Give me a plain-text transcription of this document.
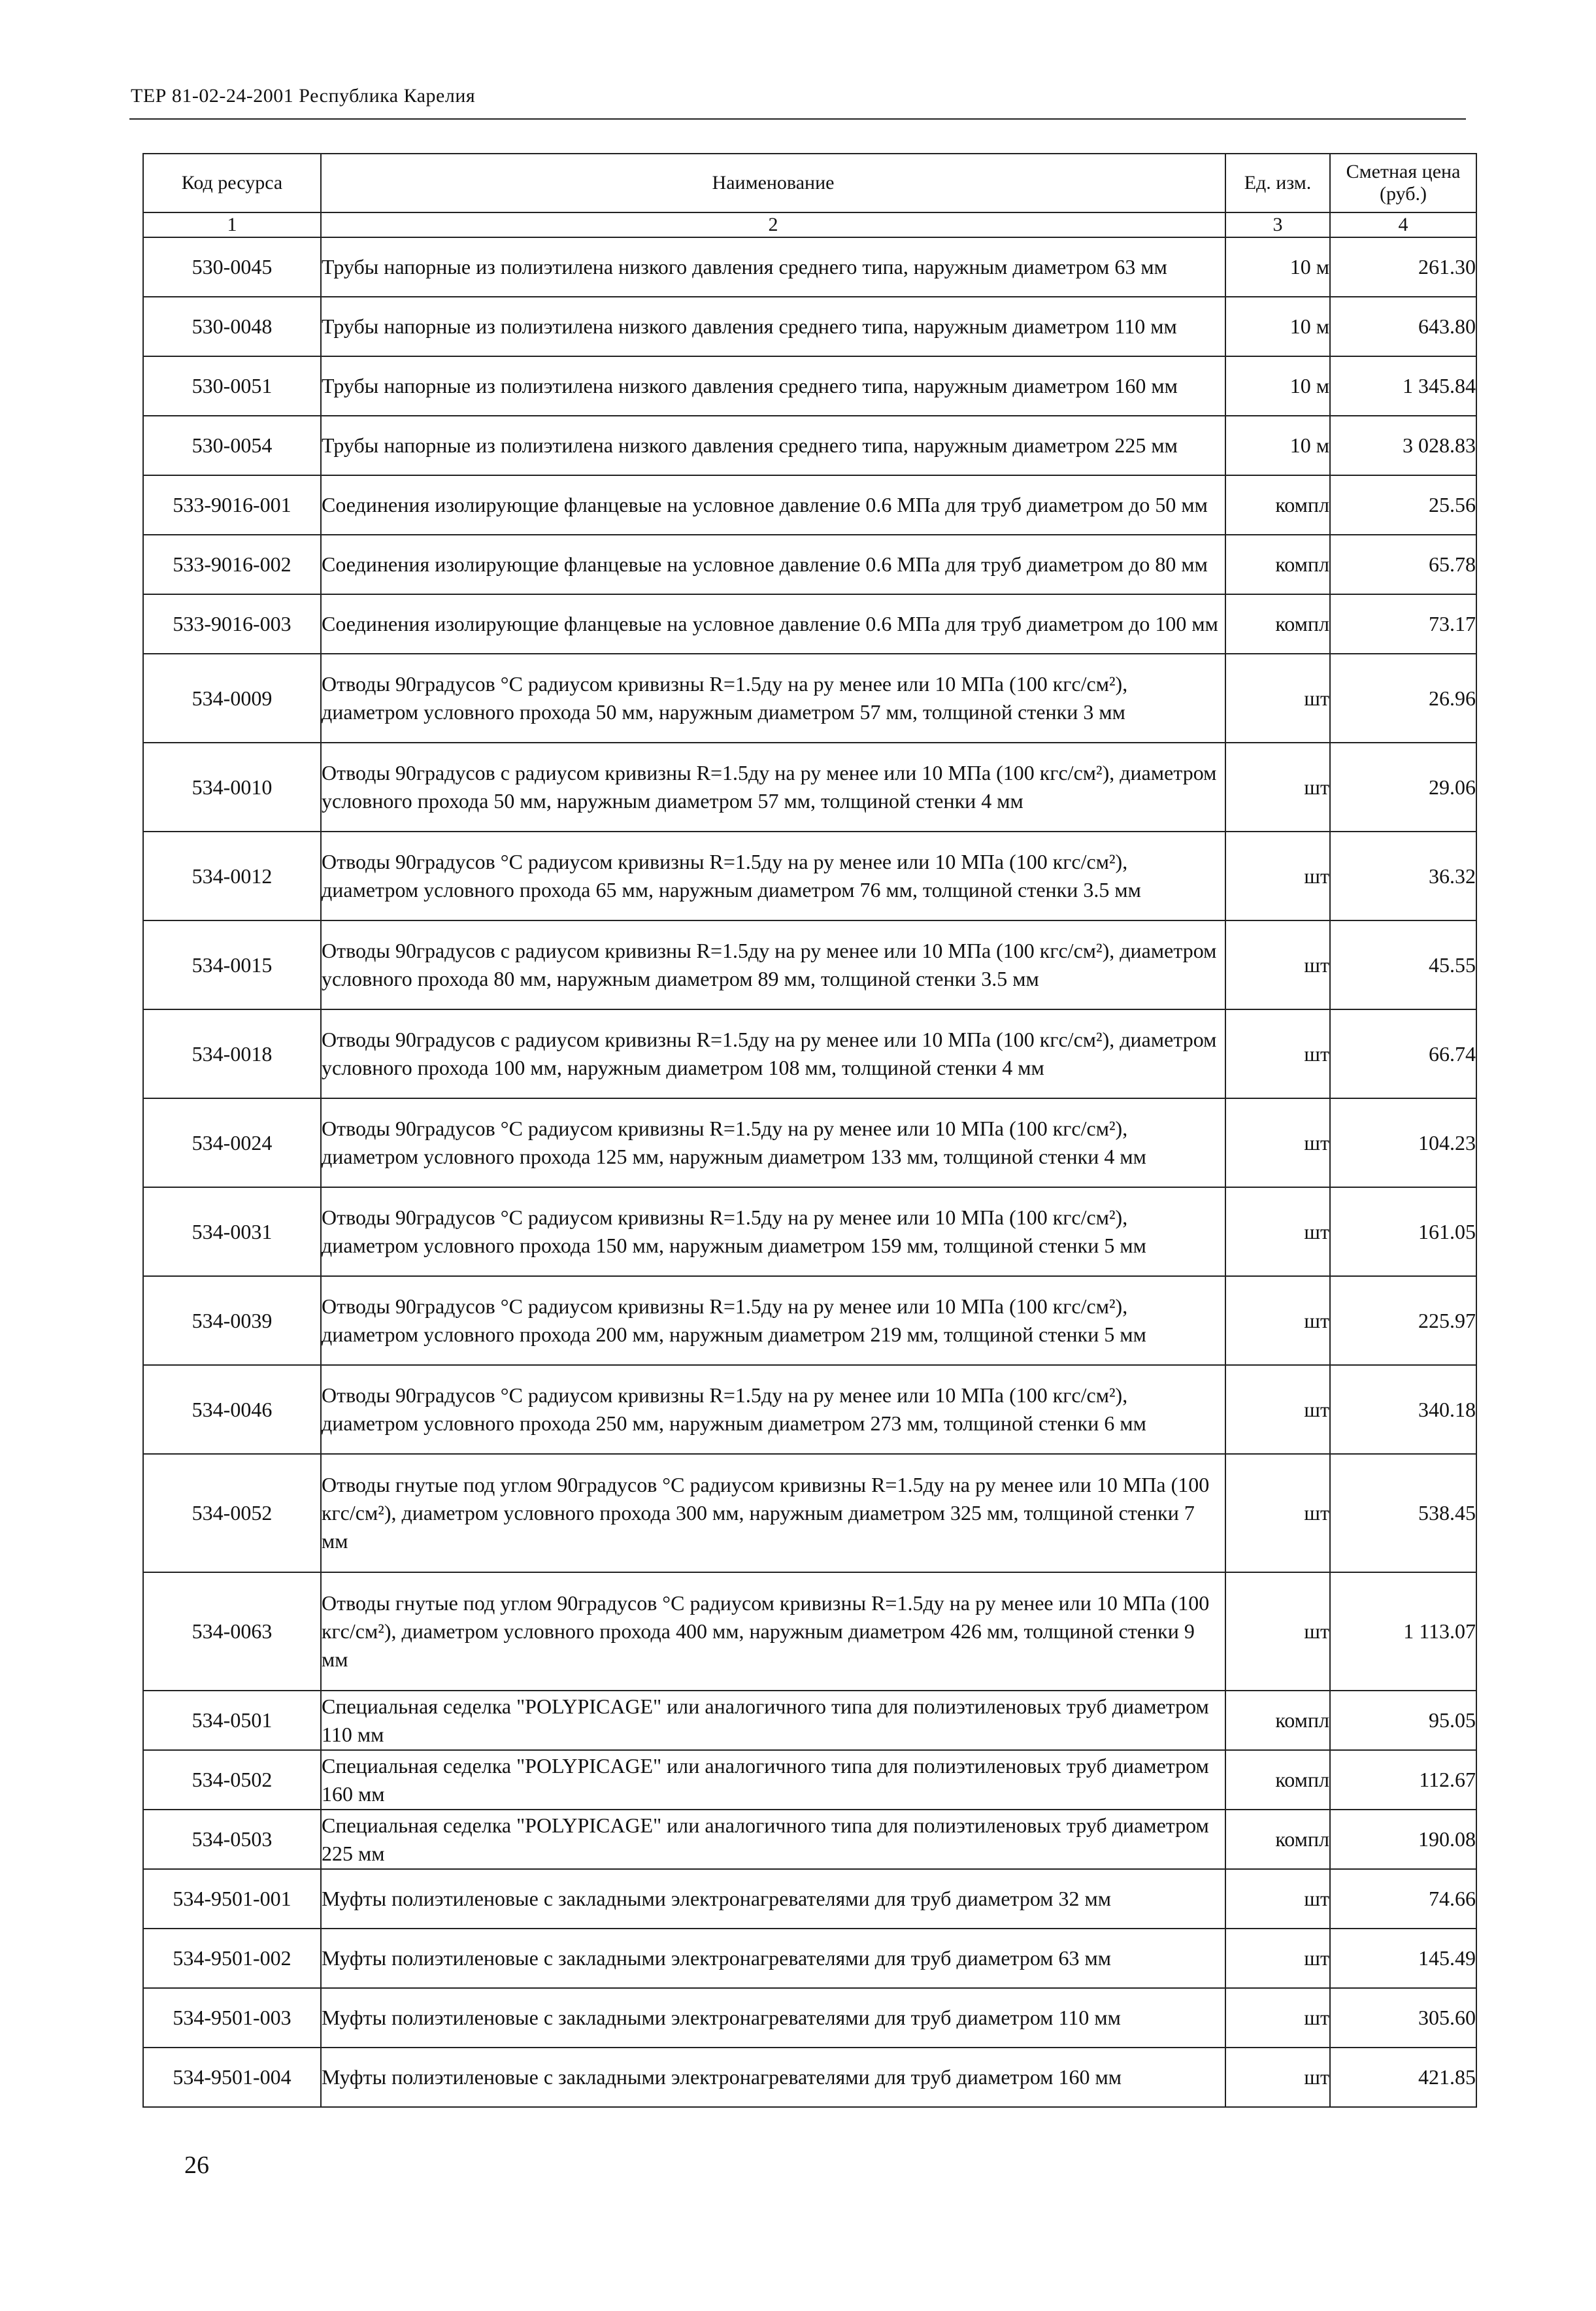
ТЕР 81-02-24-2001 Республика Карелия
Код ресурса	Наименование	Ед. изм.	Сметная цена (руб.)
1	2	3	4
530-0045	Трубы напорные из полиэтилена низкого давления среднего типа, наружным диаметром 63 мм	10 м	261.30
530-0048	Трубы напорные из полиэтилена низкого давления среднего типа, наружным диаметром 110 мм	10 м	643.80
530-0051	Трубы напорные из полиэтилена низкого давления среднего типа, наружным диаметром 160 мм	10 м	1 345.84
530-0054	Трубы напорные из полиэтилена низкого давления среднего типа, наружным диаметром 225 мм	10 м	3 028.83
533-9016-001	Соединения изолирующие фланцевые на условное давление 0.6 МПа для труб диаметром до 50 мм	компл	25.56
533-9016-002	Соединения изолирующие фланцевые на условное давление 0.6 МПа для труб диаметром до 80 мм	компл	65.78
533-9016-003	Соединения изолирующие фланцевые на условное давление 0.6 МПа для труб диаметром до 100 мм	компл	73.17
534-0009	Отводы 90градусов °С радиусом кривизны R=1.5ду на ру менее или 10 МПа (100 кгс/см²), диаметром условного прохода 50 мм, наружным диаметром 57 мм, толщиной стенки 3 мм	шт	26.96
534-0010	Отводы 90градусов с радиусом кривизны R=1.5ду на ру менее или 10 МПа (100 кгс/см²), диаметром условного прохода 50 мм, наружным диаметром 57 мм, толщиной стенки 4 мм	шт	29.06
534-0012	Отводы 90градусов °С радиусом кривизны R=1.5ду на ру менее или 10 МПа (100 кгс/см²), диаметром условного прохода 65 мм, наружным диаметром 76 мм, толщиной стенки 3.5 мм	шт	36.32
534-0015	Отводы 90градусов с радиусом кривизны R=1.5ду на ру менее или 10 МПа (100 кгс/см²), диаметром условного прохода 80 мм, наружным диаметром 89 мм, толщиной стенки 3.5 мм	шт	45.55
534-0018	Отводы 90градусов с радиусом кривизны R=1.5ду на ру менее или 10 МПа (100 кгс/см²), диаметром условного прохода 100 мм, наружным диаметром 108 мм, толщиной стенки 4 мм	шт	66.74
534-0024	Отводы 90градусов °С радиусом кривизны R=1.5ду на ру менее или 10 МПа (100 кгс/см²), диаметром условного прохода 125 мм, наружным диаметром 133 мм, толщиной стенки 4 мм	шт	104.23
534-0031	Отводы 90градусов °С радиусом кривизны R=1.5ду на ру менее или 10 МПа (100 кгс/см²), диаметром условного прохода 150 мм, наружным диаметром 159 мм, толщиной стенки 5 мм	шт	161.05
534-0039	Отводы 90градусов °С радиусом кривизны R=1.5ду на ру менее или 10 МПа (100 кгс/см²), диаметром условного прохода 200 мм, наружным диаметром 219 мм, толщиной стенки 5 мм	шт	225.97
534-0046	Отводы 90градусов °С радиусом кривизны R=1.5ду на ру менее или 10 МПа (100 кгс/см²), диаметром условного прохода 250 мм, наружным диаметром 273 мм, толщиной стенки 6 мм	шт	340.18
534-0052	Отводы гнутые под углом 90градусов °С радиусом кривизны R=1.5ду на ру менее или 10 МПа (100 кгс/см²), диаметром условного прохода 300 мм, наружным диаметром 325 мм, толщиной стенки 7 мм	шт	538.45
534-0063	Отводы гнутые под углом 90градусов °С радиусом кривизны R=1.5ду на ру менее или 10 МПа (100 кгс/см²), диаметром условного прохода 400 мм, наружным диаметром 426 мм, толщиной стенки 9 мм	шт	1 113.07
534-0501	Специальная седелка "POLYPICAGE" или аналогичного типа для полиэтиленовых труб диаметром 110 мм	компл	95.05
534-0502	Специальная седелка "POLYPICAGE" или аналогичного типа для полиэтиленовых труб диаметром 160 мм	компл	112.67
534-0503	Специальная седелка "POLYPICAGE" или аналогичного типа для полиэтиленовых труб диаметром 225 мм	компл	190.08
534-9501-001	Муфты полиэтиленовые с закладными электронагревателями для труб диаметром 32 мм	шт	74.66
534-9501-002	Муфты полиэтиленовые с закладными электронагревателями для труб диаметром 63 мм	шт	145.49
534-9501-003	Муфты полиэтиленовые с закладными электронагревателями для труб диаметром 110 мм	шт	305.60
534-9501-004	Муфты полиэтиленовые с закладными электронагревателями для труб диаметром 160 мм	шт	421.85
26
